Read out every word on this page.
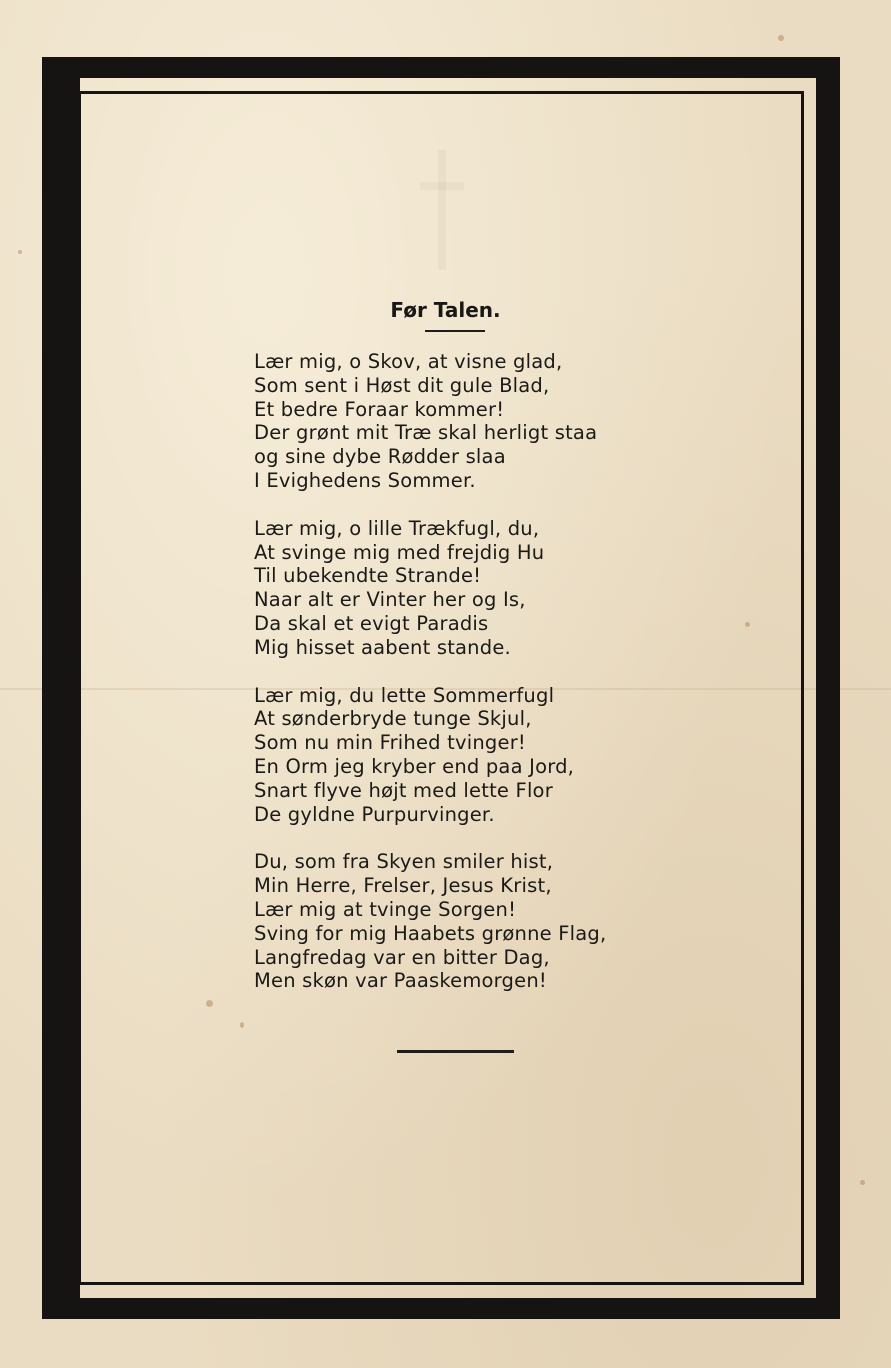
Før Talen.
Lær mig, o Skov, at visne glad,
Som sent i Høst dit gule Blad,
Et bedre Foraar kommer!
Der grønt mit Træ skal herligt staa
og sine dybe Rødder slaa
I Evighedens Sommer.
Lær mig, o lille Trækfugl, du,
At svinge mig med frejdig Hu
Til ubekendte Strande!
Naar alt er Vinter her og Is,
Da skal et evigt Paradis
Mig hisset aabent stande.
Lær mig, du lette Sommerfugl
At sønderbryde tunge Skjul,
Som nu min Frihed tvinger!
En Orm jeg kryber end paa Jord,
Snart flyve højt med lette Flor
De gyldne Purpurvinger.
Du, som fra Skyen smiler hist,
Min Herre, Frelser, Jesus Krist,
Lær mig at tvinge Sorgen!
Sving for mig Haabets grønne Flag,
Langfredag var en bitter Dag,
Men skøn var Paaskemorgen!
